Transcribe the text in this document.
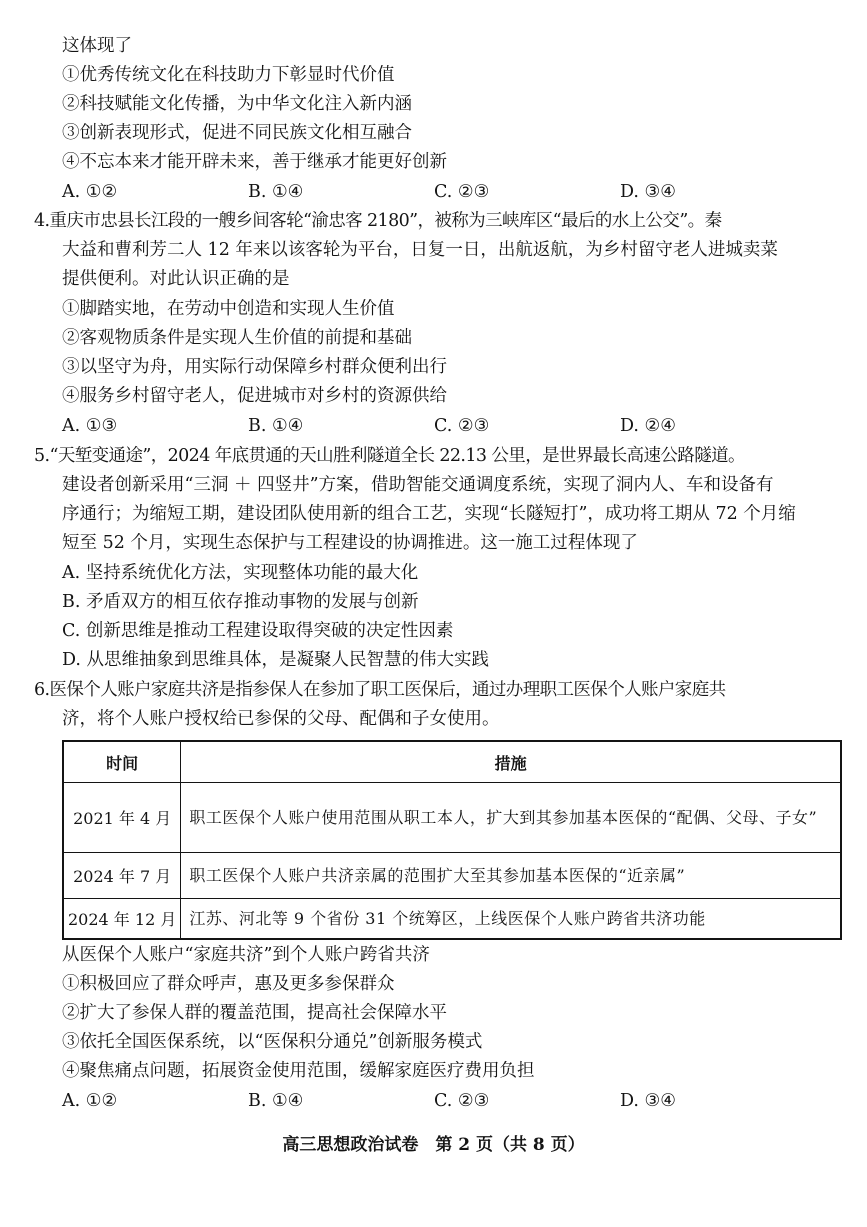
这体现了
①优秀传统文化在科技助力下彰显时代价值
②科技赋能文化传播，为中华文化注入新内涵
③创新表现形式，促进不同民族文化相互融合
④不忘本来才能开辟未来，善于继承才能更好创新
A. ①②	B. ①④	C. ②③	D. ③④
4.重庆市忠县长江段的一艘乡间客轮“渝忠客 2180”，被称为三峡库区“最后的水上公交”。秦
大益和曹利芳二人 12 年来以该客轮为平台，日复一日，出航返航，为乡村留守老人进城卖菜
提供便利。对此认识正确的是
①脚踏实地，在劳动中创造和实现人生价值
②客观物质条件是实现人生价值的前提和基础
③以坚守为舟，用实际行动保障乡村群众便利出行
④服务乡村留守老人，促进城市对乡村的资源供给
A. ①③	B. ①④	C. ②③	D. ②④
5.“天堑变通途”，2024 年底贯通的天山胜利隧道全长 22.13 公里，是世界最长高速公路隧道。
建设者创新采用“三洞 ＋ 四竖井”方案，借助智能交通调度系统，实现了洞内人、车和设备有
序通行；为缩短工期，建设团队使用新的组合工艺，实现“长隧短打”，成功将工期从 72 个月缩
短至 52 个月，实现生态保护与工程建设的协调推进。这一施工过程体现了
A. 坚持系统优化方法，实现整体功能的最大化
B. 矛盾双方的相互依存推动事物的发展与创新
C. 创新思维是推动工程建设取得突破的决定性因素
D. 从思维抽象到思维具体，是凝聚人民智慧的伟大实践
6.医保个人账户家庭共济是指参保人在参加了职工医保后，通过办理职工医保个人账户家庭共
济，将个人账户授权给已参保的父母、配偶和子女使用。
时间	措施
2021 年 4 月	职工医保个人账户使用范围从职工本人，扩大到其参加基本医保的“配偶、父母、子女”
2024 年 7 月	职工医保个人账户共济亲属的范围扩大至其参加基本医保的“近亲属”
2024 年 12 月	江苏、河北等 9 个省份 31 个统筹区，上线医保个人账户跨省共济功能
从医保个人账户“家庭共济”到个人账户跨省共济
①积极回应了群众呼声，惠及更多参保群众
②扩大了参保人群的覆盖范围，提高社会保障水平
③依托全国医保系统，以“医保积分通兑”创新服务模式
④聚焦痛点问题，拓展资金使用范围，缓解家庭医疗费用负担
A. ①②	B. ①④	C. ②③	D. ③④
高三思想政治试卷　第 2 页（共 8 页）
